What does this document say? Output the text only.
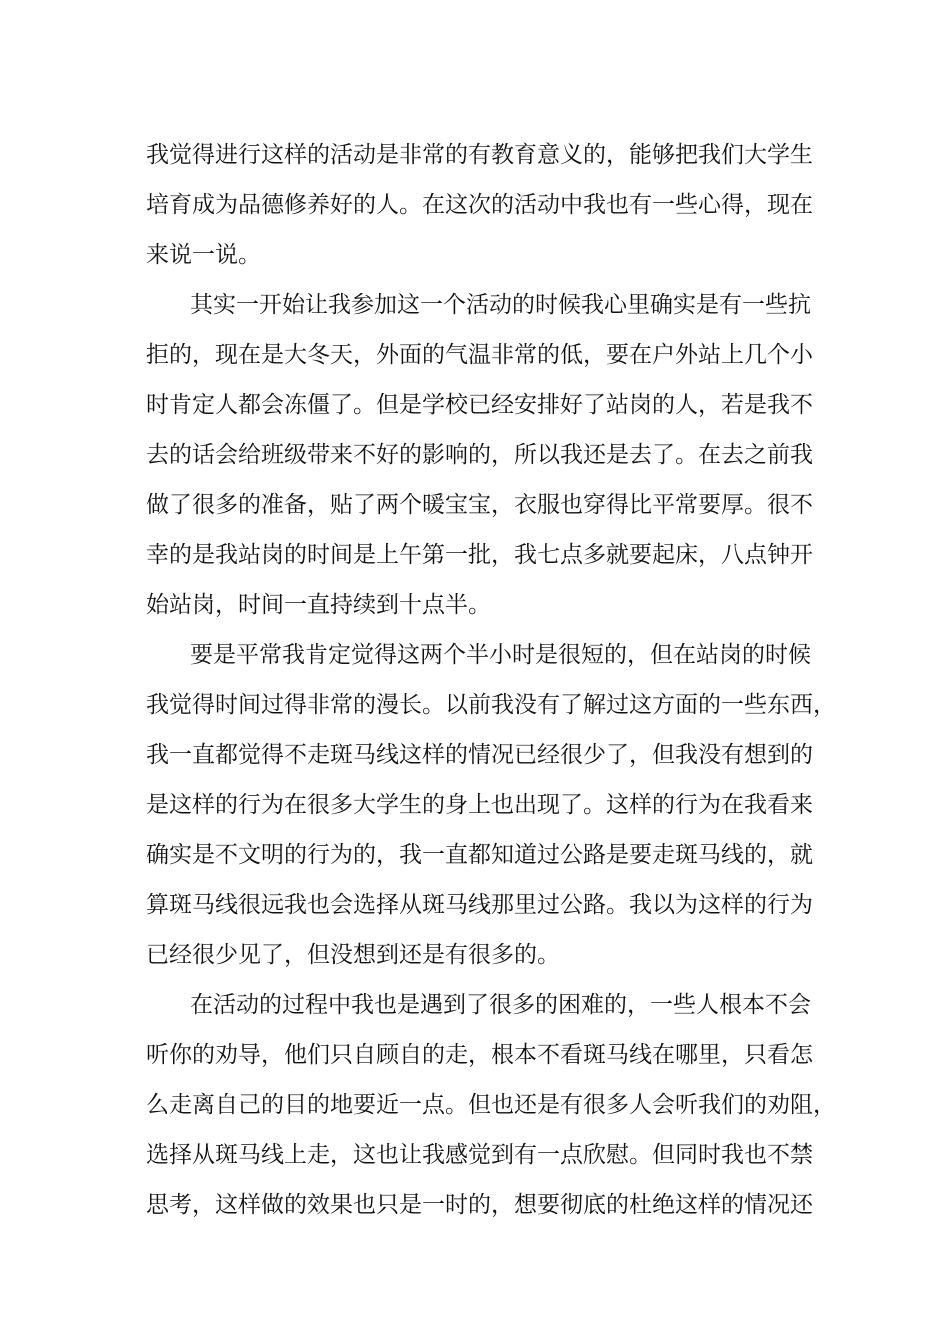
我觉得进行这样的活动是非常的有教育意义的，能够把我们大学生
培育成为品德修养好的人。在这次的活动中我也有一些心得，现在
来说一说。
其实一开始让我参加这一个活动的时候我心里确实是有一些抗
拒的，现在是大冬天，外面的气温非常的低，要在户外站上几个小
时肯定人都会冻僵了。但是学校已经安排好了站岗的人，若是我不
去的话会给班级带来不好的影响的，所以我还是去了。在去之前我
做了很多的准备，贴了两个暖宝宝，衣服也穿得比平常要厚。很不
幸的是我站岗的时间是上午第一批，我七点多就要起床，八点钟开
始站岗，时间一直持续到十点半。
要是平常我肯定觉得这两个半小时是很短的，但在站岗的时候
我觉得时间过得非常的漫长。以前我没有了解过这方面的一些东西，
我一直都觉得不走斑马线这样的情况已经很少了，但我没有想到的
是这样的行为在很多大学生的身上也出现了。这样的行为在我看来
确实是不文明的行为的，我一直都知道过公路是要走斑马线的，就
算斑马线很远我也会选择从斑马线那里过公路。我以为这样的行为
已经很少见了，但没想到还是有很多的。
在活动的过程中我也是遇到了很多的困难的，一些人根本不会
听你的劝导，他们只自顾自的走，根本不看斑马线在哪里，只看怎
么走离自己的目的地要近一点。但也还是有很多人会听我们的劝阻，
选择从斑马线上走，这也让我感觉到有一点欣慰。但同时我也不禁
思考，这样做的效果也只是一时的，想要彻底的杜绝这样的情况还
